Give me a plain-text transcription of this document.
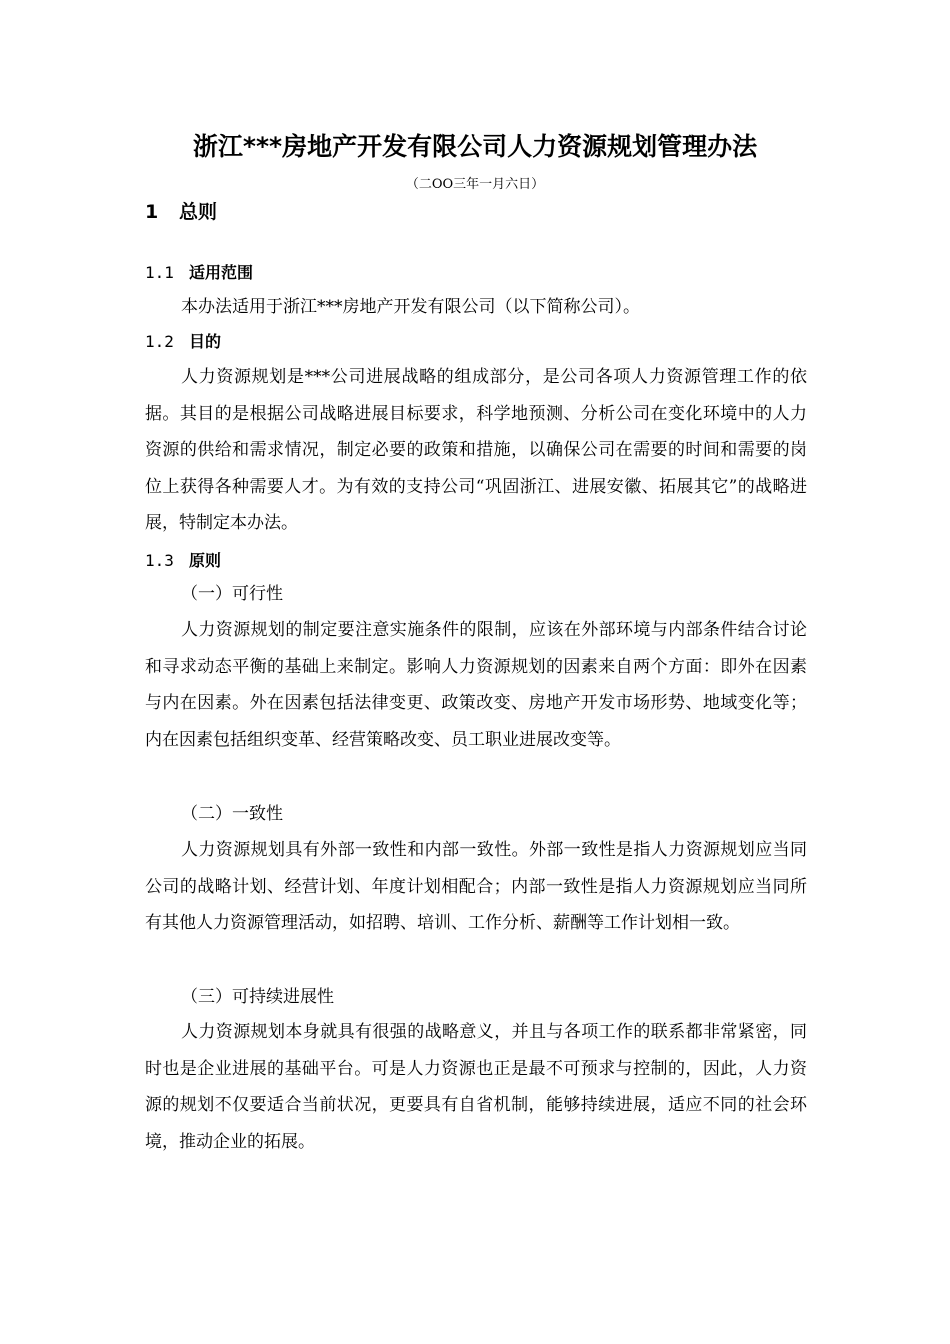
浙江***房地产开发有限公司人力资源规划管理办法
（二OO三年一月六日）
1 总则
1.1 适用范围
本办法适用于浙江***房地产开发有限公司（以下简称公司）。
1.2 目的
人力资源规划是***公司进展战略的组成部分，是公司各项人力资源管理工作的依据。其目的是根据公司战略进展目标要求，科学地预测、分析公司在变化环境中的人力资源的供给和需求情况，制定必要的政策和措施，以确保公司在需要的时间和需要的岗位上获得各种需要人才。为有效的支持公司“巩固浙江、进展安徽、拓展其它”的战略进展，特制定本办法。
1.3 原则
（一）可行性
人力资源规划的制定要注意实施条件的限制，应该在外部环境与内部条件结合讨论和寻求动态平衡的基础上来制定。影响人力资源规划的因素来自两个方面：即外在因素与内在因素。外在因素包括法律变更、政策改变、房地产开发市场形势、地域变化等；内在因素包括组织变革、经营策略改变、员工职业进展改变等。
（二）一致性
人力资源规划具有外部一致性和内部一致性。外部一致性是指人力资源规划应当同公司的战略计划、经营计划、年度计划相配合；内部一致性是指人力资源规划应当同所有其他人力资源管理活动，如招聘、培训、工作分析、薪酬等工作计划相一致。
（三）可持续进展性
人力资源规划本身就具有很强的战略意义，并且与各项工作的联系都非常紧密，同时也是企业进展的基础平台。可是人力资源也正是最不可预求与控制的，因此，人力资源的规划不仅要适合当前状况，更要具有自省机制，能够持续进展，适应不同的社会环境，推动企业的拓展。
